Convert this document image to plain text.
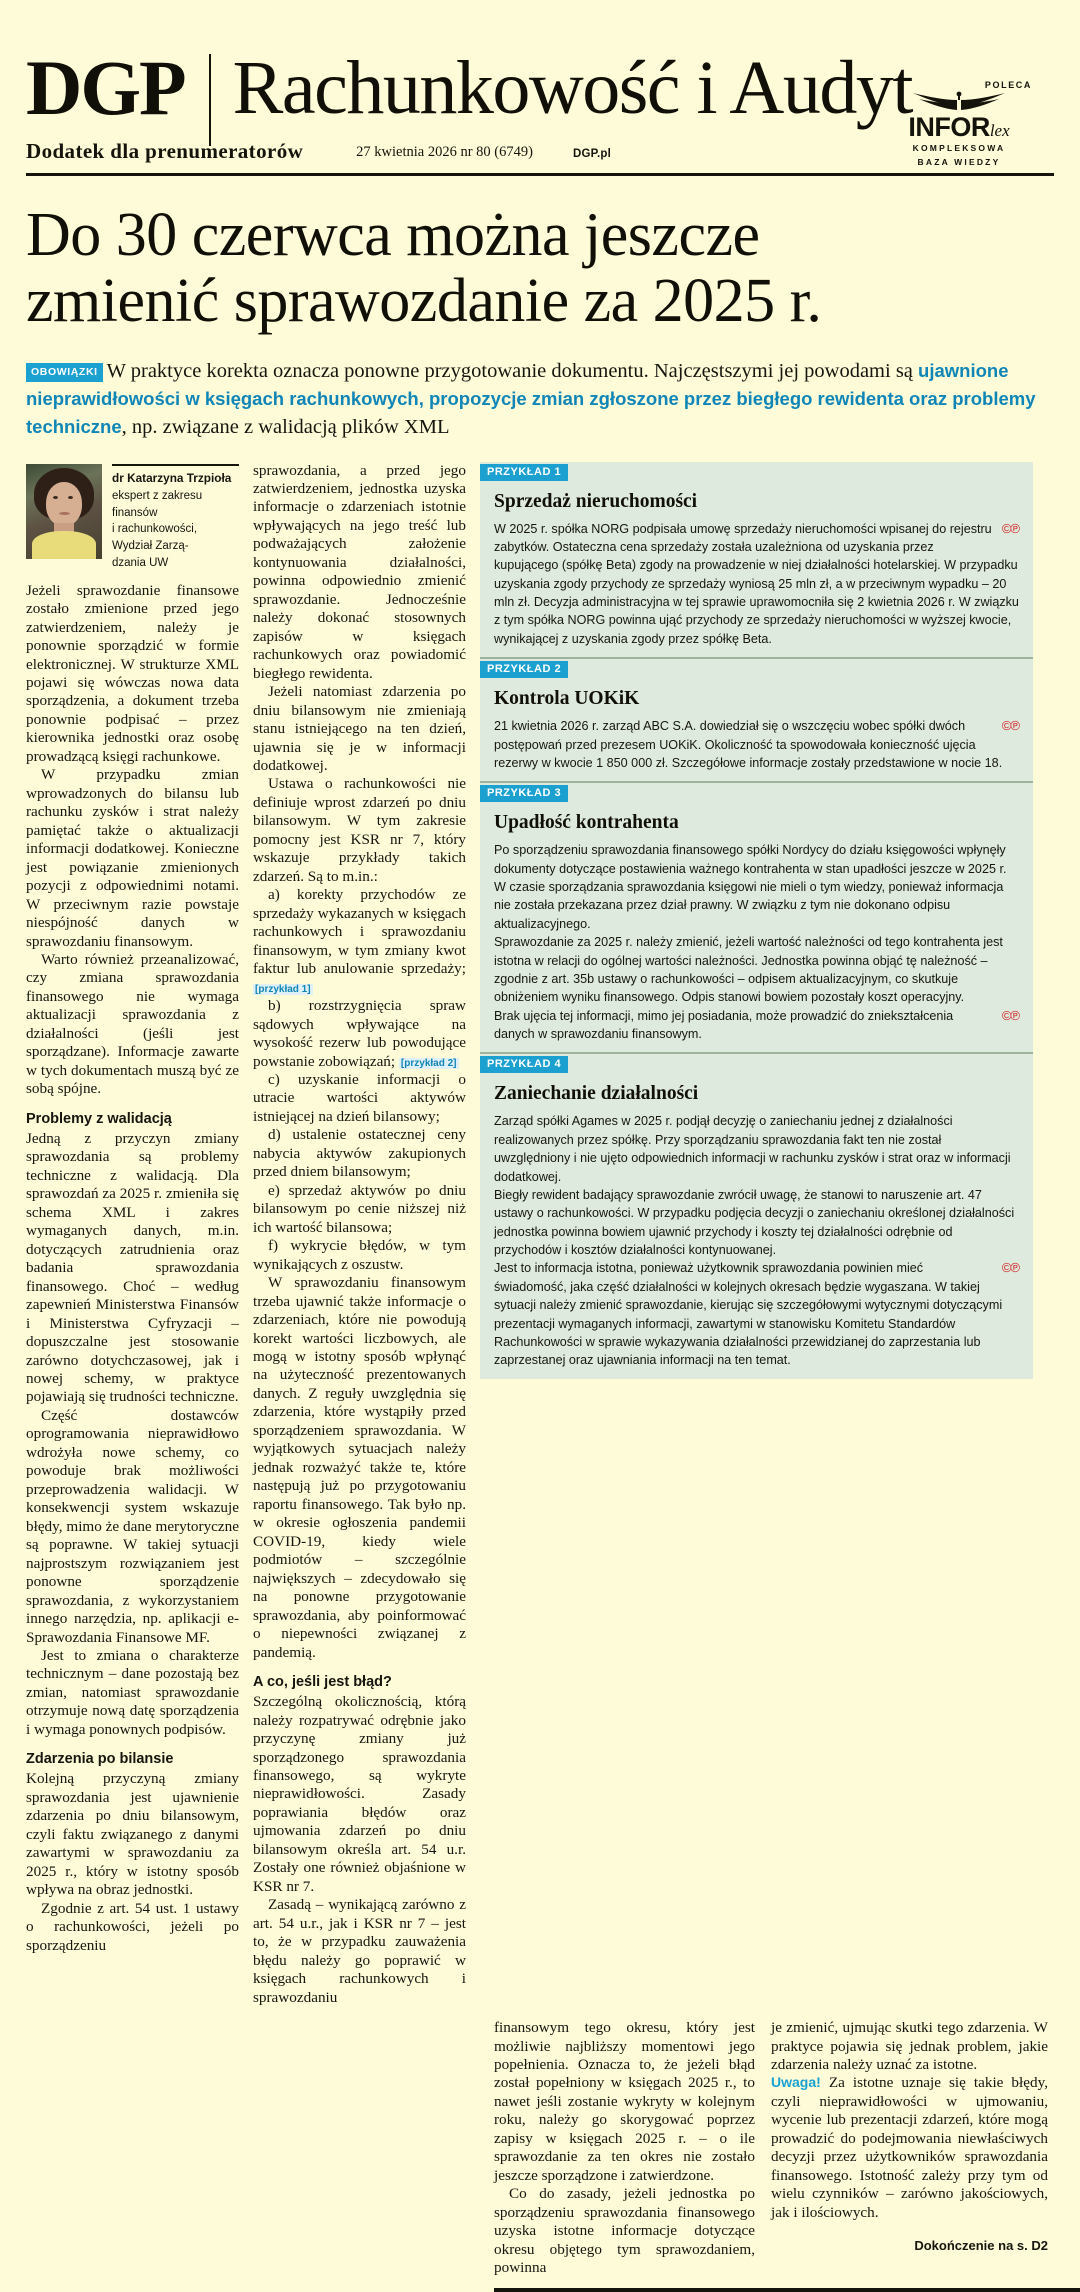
DGP Rachunkowość i Audyt
Dodatek dla prenumeratorów	27 kwietnia 2026 nr 80 (6749)	DGP.pl
POLECA
INFORlex
KOMPLEKSOWA
BAZA WIEDZY
Do 30 czerwca można jeszcze
zmienić sprawozdanie za 2025 r.
OBOWIĄZKI W praktyce korekta oznacza ponowne przygotowanie dokumentu. Najczęstszymi jej powodami są ujawnione nieprawidłowości w księgach rachunkowych, propozycje zmian zgłoszone przez biegłego rewidenta oraz problemy techniczne, np. związane z walidacją plików XML
dr Katarzyna Trzpioła
ekspert z zakresu finansów
i rachunkowości, Wydział Zarzą-
dzania UW

Jeżeli sprawozdanie finansowe zostało zmienione przed jego zatwierdzeniem, należy je ponownie sporządzić w formie elektronicznej. W strukturze XML pojawi się wówczas nowa data sporządzenia, a dokument trzeba ponownie podpisać – przez kierownika jednostki oraz osobę prowadzącą księgi rachunkowe.

W przypadku zmian wprowadzonych do bilansu lub rachunku zysków i strat należy pamiętać także o aktualizacji informacji dodatkowej. Konieczne jest powiązanie zmienionych pozycji z odpowiednimi notami. W przeciwnym razie powstaje niespójność danych w sprawozdaniu finansowym.

Warto również przeanalizować, czy zmiana sprawozdania finansowego nie wymaga aktualizacji sprawozdania z działalności (jeśli jest sporządzane). Informacje zawarte w tych dokumentach muszą być ze sobą spójne.

Problemy z walidacją

Jedną z przyczyn zmiany sprawozdania są problemy techniczne z walidacją. Dla sprawozdań za 2025 r. zmieniła się schema XML i zakres wymaganych danych, m.in. dotyczących zatrudnienia oraz badania sprawozdania finansowego. Choć – według zapewnień Ministerstwa Finansów i Ministerstwa Cyfryzacji – dopuszczalne jest stosowanie zarówno dotychczasowej, jak i nowej schemy, w praktyce pojawiają się trudności techniczne.

Część dostawców oprogramowania nieprawidłowo wdrożyła nowe schemy, co powoduje brak możliwości przeprowadzenia walidacji. W konsekwencji system wskazuje błędy, mimo że dane merytoryczne są poprawne. W takiej sytuacji najprostszym rozwiązaniem jest ponowne sporządzenie sprawozdania, z wykorzystaniem innego narzędzia, np. aplikacji e-Sprawozdania Finansowe MF.

Jest to zmiana o charakterze technicznym – dane pozostają bez zmian, natomiast sprawozdanie otrzymuje nową datę sporządzenia i wymaga ponownych podpisów.

Zdarzenia po bilansie

Kolejną przyczyną zmiany sprawozdania jest ujawnienie zdarzenia po dniu bilansowym, czyli faktu związanego z danymi zawartymi w sprawozdaniu za 2025 r., który w istotny sposób wpływa na obraz jednostki.

Zgodnie z art. 54 ust. 1 ustawy o rachunkowości, jeżeli po sporządzeniu

sprawozdania, a przed jego zatwierdzeniem, jednostka uzyska informacje o zdarzeniach istotnie wpływających na jego treść lub podważających założenie kontynuowania działalności, powinna odpowiednio zmienić sprawozdanie. Jednocześnie należy dokonać stosownych zapisów w księgach rachunkowych oraz powiadomić biegłego rewidenta.

Jeżeli natomiast zdarzenia po dniu bilansowym nie zmieniają stanu istniejącego na ten dzień, ujawnia się je w informacji dodatkowej.

Ustawa o rachunkowości nie definiuje wprost zdarzeń po dniu bilansowym. W tym zakresie pomocny jest KSR nr 7, który wskazuje przykłady takich zdarzeń. Są to m.in.:

a) korekty przychodów ze sprzedaży wykazanych w księgach rachunkowych i sprawozdaniu finansowym, w tym zmiany kwot faktur lub anulowanie sprzedaży; [przykład 1]

b) rozstrzygnięcia spraw sądowych wpływające na wysokość rezerw lub powodujące powstanie zobowiązań; [przykład 2]

c) uzyskanie informacji o utracie wartości aktywów istniejącej na dzień bilansowy;

d) ustalenie ostatecznej ceny nabycia aktywów zakupionych przed dniem bilansowym;

e) sprzedaż aktywów po dniu bilansowym po cenie niższej niż ich wartość bilansowa;

f) wykrycie błędów, w tym wynikających z oszustw.

W sprawozdaniu finansowym trzeba ujawnić także informacje o zdarzeniach, które nie powodują korekt wartości liczbowych, ale mogą w istotny sposób wpłynąć na użyteczność prezentowanych danych. Z reguły uwzględnia się zdarzenia, które wystąpiły przed sporządzeniem sprawozdania. W wyjątkowych sytuacjach należy jednak rozważyć także te, które następują już po przygotowaniu raportu finansowego. Tak było np. w okresie ogłoszenia pandemii COVID-19, kiedy wiele podmiotów – szczególnie największych – zdecydowało się na ponowne przygotowanie sprawozdania, aby poinformować o niepewności związanej z pandemią.

A co, jeśli jest błąd?

Szczególną okolicznością, którą należy rozpatrywać odrębnie jako przyczynę zmiany już sporządzonego sprawozdania finansowego, są wykryte nieprawidłowości. Zasady poprawiania błędów oraz ujmowania zdarzeń po dniu bilansowym określa art. 54 u.r. Zostały one również objaśnione w KSR nr 7.

Zasadą – wynikającą zarówno z art. 54 u.r., jak i KSR nr 7 – jest to, że w przypadku zauważenia błędu należy go poprawić w księgach rachunkowych i sprawozdaniu

PRZYKŁAD 1
Sprzedaż nieruchomości

©℗
W 2025 r. spółka NORG podpisała umowę sprzedaży nieruchomości wpisanej do rejestru zabytków. Ostateczna cena sprzedaży została uzależniona od uzyskania przez kupującego (spółkę Beta) zgody na prowadzenie w niej działalności hotelarskiej. W przypadku uzyskania zgody przychody ze sprzedaży wyniosą 25 mln zł, a w przeciwnym wypadku – 20 mln zł. Decyzja administracyjna w tej sprawie uprawomocniła się 2 kwietnia 2026 r. W związku z tym spółka NORG powinna ująć przychody ze sprzedaży nieruchomości w wyższej kwocie, wynikającej z uzyskania zgody przez spółkę Beta.

PRZYKŁAD 2
Kontrola UOKiK

©℗
21 kwietnia 2026 r. zarząd ABC S.A. dowiedział się o wszczęciu wobec spółki dwóch postępowań przed prezesem UOKiK. Okoliczność ta spowodowała konieczność ujęcia rezerwy w kwocie 1 850 000 zł. Szczegółowe informacje zostały przedstawione w nocie 18.

PRZYKŁAD 3
Upadłość kontrahenta

Po sporządzeniu sprawozdania finansowego spółki Nordycy do działu księgowości wpłynęły dokumenty dotyczące postawienia ważnego kontrahenta w stan upadłości jeszcze w 2025 r. W czasie sporządzania sprawozdania księgowi nie mieli o tym wiedzy, ponieważ informacja nie została przekazana przez dział prawny. W związku z tym nie dokonano odpisu aktualizacyjnego.

Sprawozdanie za 2025 r. należy zmienić, jeżeli wartość należności od tego kontrahenta jest istotna w relacji do ogólnej wartości należności. Jednostka powinna objąć tę należność – zgodnie z art. 35b ustawy o rachunkowości – odpisem aktualizacyjnym, co skutkuje obniżeniem wyniku finansowego. Odpis stanowi bowiem pozostały koszt operacyjny.

©℗
Brak ujęcia tej informacji, mimo jej posiadania, może prowadzić do zniekształcenia danych w sprawozdaniu finansowym.

PRZYKŁAD 4
Zaniechanie działalności

Zarząd spółki Agames w 2025 r. podjął decyzję o zaniechaniu jednej z działalności realizowanych przez spółkę. Przy sporządzaniu sprawozdania fakt ten nie został uwzględniony i nie ujęto odpowiednich informacji w rachunku zysków i strat oraz w informacji dodatkowej.

Biegły rewident badający sprawozdanie zwrócił uwagę, że stanowi to naruszenie art. 47 ustawy o rachunkowości. W przypadku podjęcia decyzji o zaniechaniu określonej działalności jednostka powinna bowiem ujawnić przychody i koszty tej działalności odrębnie od przychodów i kosztów działalności kontynuowanej.

©℗
Jest to informacja istotna, ponieważ użytkownik sprawozdania powinien mieć świadomość, jaka część działalności w kolejnych okresach będzie wygaszana. W takiej sytuacji należy zmienić sprawozdanie, kierując się szczegółowymi wytycznymi dotyczącymi prezentacji wymaganych informacji, zawartymi w stanowisku Komitetu Standardów Rachunkowości w sprawie wykazywania działalności przewidzianej do zaprzestania lub zaprzestanej oraz ujawniania informacji na ten temat.

finansowym tego okresu, który jest możliwie najbliższy momentowi jego popełnienia. Oznacza to, że jeżeli błąd został popełniony w księgach 2025 r., to nawet jeśli zostanie wykryty w kolejnym roku, należy go skorygować poprzez zapisy w księgach 2025 r. – o ile sprawozdanie za ten okres nie zostało jeszcze sporządzone i zatwierdzone.

Co do zasady, jeżeli jednostka po sporządzeniu sprawozdania finansowego uzyska istotne informacje dotyczące okresu objętego tym sprawozdaniem, powinna

je zmienić, ujmując skutki tego zdarzenia. W praktyce pojawia się jednak problem, jakie zdarzenia należy uznać za istotne.

Uwaga! Za istotne uznaje się takie błędy, czyli nieprawidłowości w ujmowaniu, wycenie lub prezentacji zdarzeń, które mogą prowadzić do podejmowania niewłaściwych decyzji przez użytkowników sprawozdania finansowego. Istotność zależy przy tym od wielu czynników – zarówno jakościowych, jak i ilościowych.

Dokończenie na s. D2
